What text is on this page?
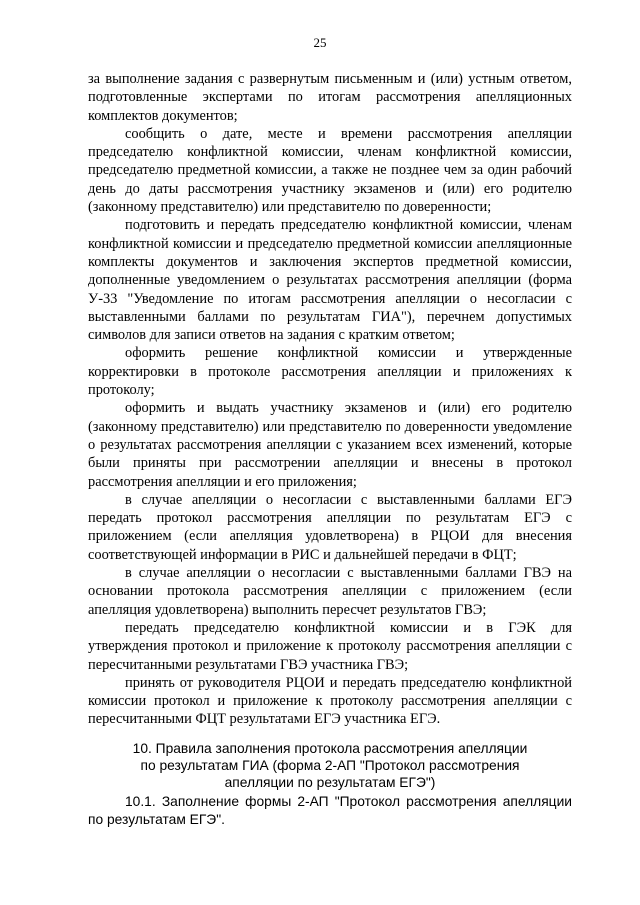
25

за выполнение задания с развернутым письменным и (или) устным ответом, подготовленные экспертами по итогам рассмотрения апелляционных комплектов документов;

сообщить о дате, месте и времени рассмотрения апелляции председателю конфликтной комиссии, членам конфликтной комиссии, председателю предметной комиссии, а также не позднее чем за один рабочий день до даты рассмотрения участнику экзаменов и (или) его родителю (законному представителю) или представителю по доверенности;

подготовить и передать председателю конфликтной комиссии, членам конфликтной комиссии и председателю предметной комиссии апелляционные комплекты документов и заключения экспертов предметной комиссии, дополненные уведомлением о результатах рассмотрения апелляции (форма У-33 "Уведомление по итогам рассмотрения апелляции о несогласии с выставленными баллами по результатам ГИА"), перечнем допустимых символов для записи ответов на задания с кратким ответом;

оформить решение конфликтной комиссии и утвержденные корректировки в протоколе рассмотрения апелляции и приложениях к протоколу;

оформить и выдать участнику экзаменов и (или) его родителю (законному представителю) или представителю по доверенности уведомление о результатах рассмотрения апелляции с указанием всех изменений, которые были приняты при рассмотрении апелляции и внесены в протокол рассмотрения апелляции и его приложения;

в случае апелляции о несогласии с выставленными баллами ЕГЭ передать протокол рассмотрения апелляции по результатам ЕГЭ с приложением (если апелляция удовлетворена) в РЦОИ для внесения соответствующей информации в РИС и дальнейшей передачи в ФЦТ;

в случае апелляции о несогласии с выставленными баллами ГВЭ на основании протокола рассмотрения апелляции с приложением (если апелляция удовлетворена) выполнить пересчет результатов ГВЭ;

передать председателю конфликтной комиссии и в ГЭК для утверждения протокол и приложение к протоколу рассмотрения апелляции с пересчитанными результатами ГВЭ участника ГВЭ;

принять от руководителя РЦОИ и передать председателю конфликтной комиссии протокол и приложение к протоколу рассмотрения апелляции с пересчитанными ФЦТ результатами ЕГЭ участника ЕГЭ.

10. Правила заполнения протокола рассмотрения апелляции
по результатам ГИА (форма 2-АП "Протокол рассмотрения
апелляции по результатам ЕГЭ")

10.1. Заполнение формы 2-АП "Протокол рассмотрения апелляции по результатам ЕГЭ".
